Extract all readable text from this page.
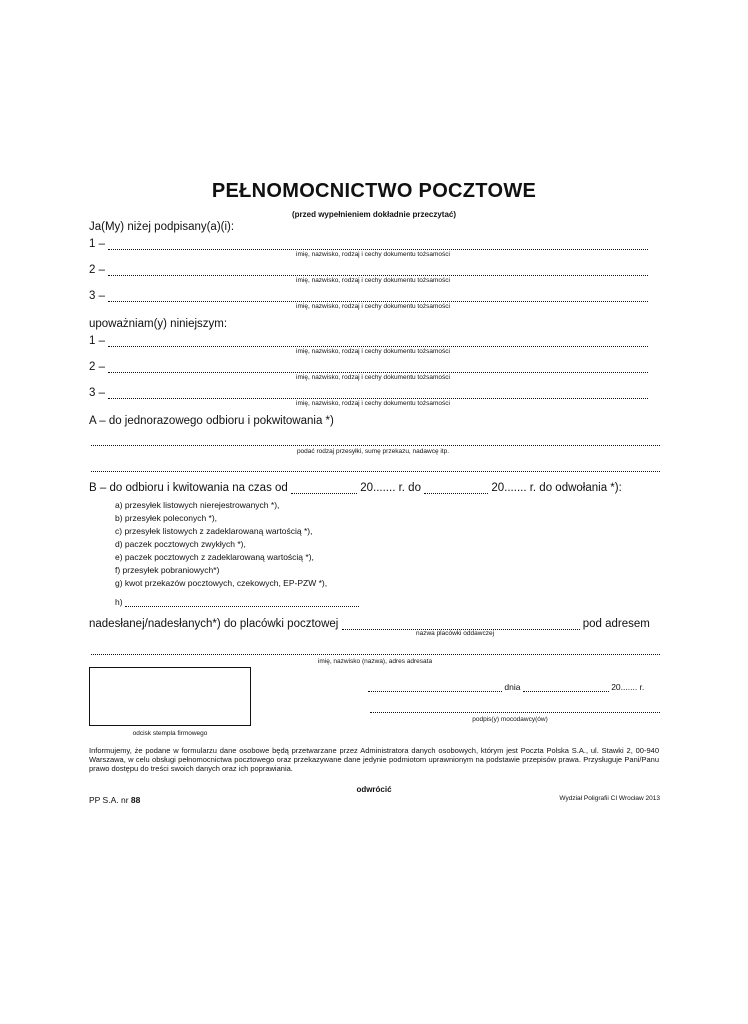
PEŁNOMOCNICTWO POCZTOWE
(przed wypełnieniem dokładnie przeczytać)
Ja(My) niżej podpisany(a)(i):
1 –
imię, nazwisko, rodzaj i cechy dokumentu tożsamości
2 –
imię, nazwisko, rodzaj i cechy dokumentu tożsamości
3 –
imię, nazwisko, rodzaj i cechy dokumentu tożsamości
upoważniam(y) niniejszym:
1 –
imię, nazwisko, rodzaj i cechy dokumentu tożsamości
2 –
imię, nazwisko, rodzaj i cechy dokumentu tożsamości
3 –
imię, nazwisko, rodzaj i cechy dokumentu tożsamości
A – do jednorazowego odbioru i pokwitowania *)
podać rodzaj przesyłki, sumę przekazu, nadawcę itp.
B – do odbioru i kwitowania na czas od	20....... r. do	20....... r. do odwołania *):
a) przesyłek listowych nierejestrowanych *),
b) przesyłek poleconych *),
c) przesyłek listowych z zadeklarowaną wartością *),
d) paczek pocztowych zwykłych *),
e) paczek pocztowych z zadeklarowaną wartością *),
f) przesyłek pobraniowych*)
g) kwot przekazów pocztowych, czekowych, EP-PZW *),
h)
nadesłanej/nadesłanych*) do placówki pocztowej	pod adresem
nazwa placówki oddawczej
imię, nazwisko (nazwa), adres adresata
odcisk stempla firmowego
dnia	20....... r.
podpis(y) mocodawcy(ów)
Informujemy, że podane w formularzu dane osobowe będą przetwarzane przez Administratora danych osobowych, którym jest Poczta Polska S.A., ul. Stawki 2, 00-940 Warszawa, w celu obsługi pełnomocnictwa pocztowego oraz przekazywane dane jedynie podmiotom uprawnionym na podstawie przepisów prawa. Przysługuje Pani/Panu prawo dostępu do treści swoich danych oraz ich poprawiania.
odwrócić
PP S.A. nr 88	Wydział Poligrafii CI Wrocław 2013
